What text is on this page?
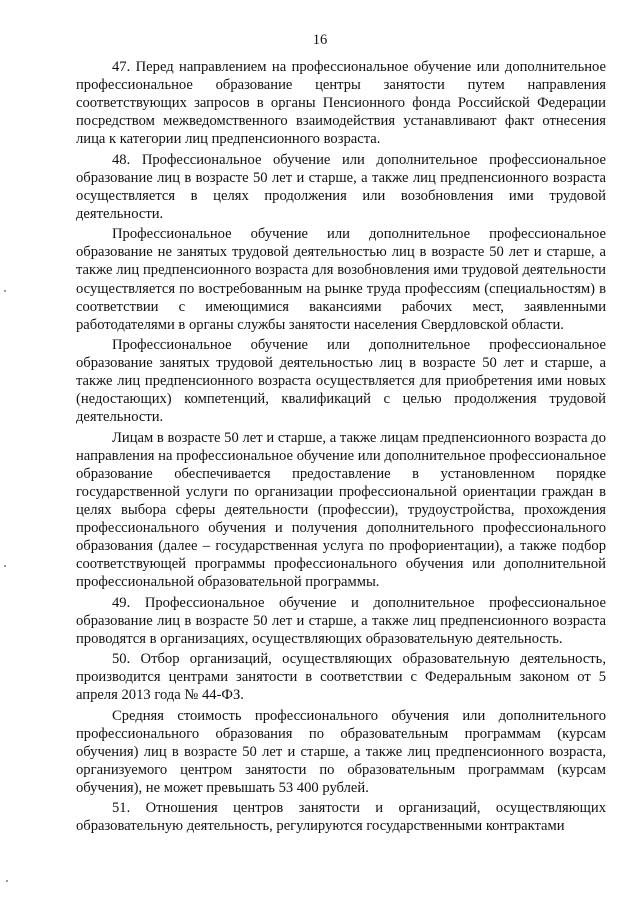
16

47. Перед направлением на профессиональное обучение или дополнительное профессиональное образование центры занятости путем направления соответствующих запросов в органы Пенсионного фонда Российской Федерации посредством межведомственного взаимодействия устанавливают факт отнесения лица к категории лиц предпенсионного возраста.

48. Профессиональное обучение или дополнительное профессиональное образование лиц в возрасте 50 лет и старше, а также лиц предпенсионного возраста осуществляется в целях продолжения или возобновления ими трудовой деятельности.

Профессиональное обучение или дополнительное профессиональное образование не занятых трудовой деятельностью лиц в возрасте 50 лет и старше, а также лиц предпенсионного возраста для возобновления ими трудовой деятельности осуществляется по востребованным на рынке труда профессиям (специальностям) в соответствии с имеющимися вакансиями рабочих мест, заявленными работодателями в органы службы занятости населения Свердловской области.

Профессиональное обучение или дополнительное профессиональное образование занятых трудовой деятельностью лиц в возрасте 50 лет и старше, а также лиц предпенсионного возраста осуществляется для приобретения ими новых (недостающих) компетенций, квалификаций с целью продолжения трудовой деятельности.

Лицам в возрасте 50 лет и старше, а также лицам предпенсионного возраста до направления на профессиональное обучение или дополнительное профессиональное образование обеспечивается предоставление в установленном порядке государственной услуги по организации профессиональной ориентации граждан в целях выбора сферы деятельности (профессии), трудоустройства, прохождения профессионального обучения и получения дополнительного профессионального образования (далее – государственная услуга по профориентации), а также подбор соответствующей программы профессионального обучения или дополнительной профессиональной образовательной программы.

49. Профессиональное обучение и дополнительное профессиональное образование лиц в возрасте 50 лет и старше, а также лиц предпенсионного возраста проводятся в организациях, осуществляющих образовательную деятельность.

50. Отбор организаций, осуществляющих образовательную деятельность, производится центрами занятости в соответствии с Федеральным законом от 5 апреля 2013 года № 44-ФЗ.

Средняя стоимость профессионального обучения или дополнительного профессионального образования по образовательным программам (курсам обучения) лиц в возрасте 50 лет и старше, а также лиц предпенсионного возраста, организуемого центром занятости по образовательным программам (курсам обучения), не может превышать 53 400 рублей.

51. Отношения центров занятости и организаций, осуществляющих образовательную деятельность, регулируются государственными контрактами
